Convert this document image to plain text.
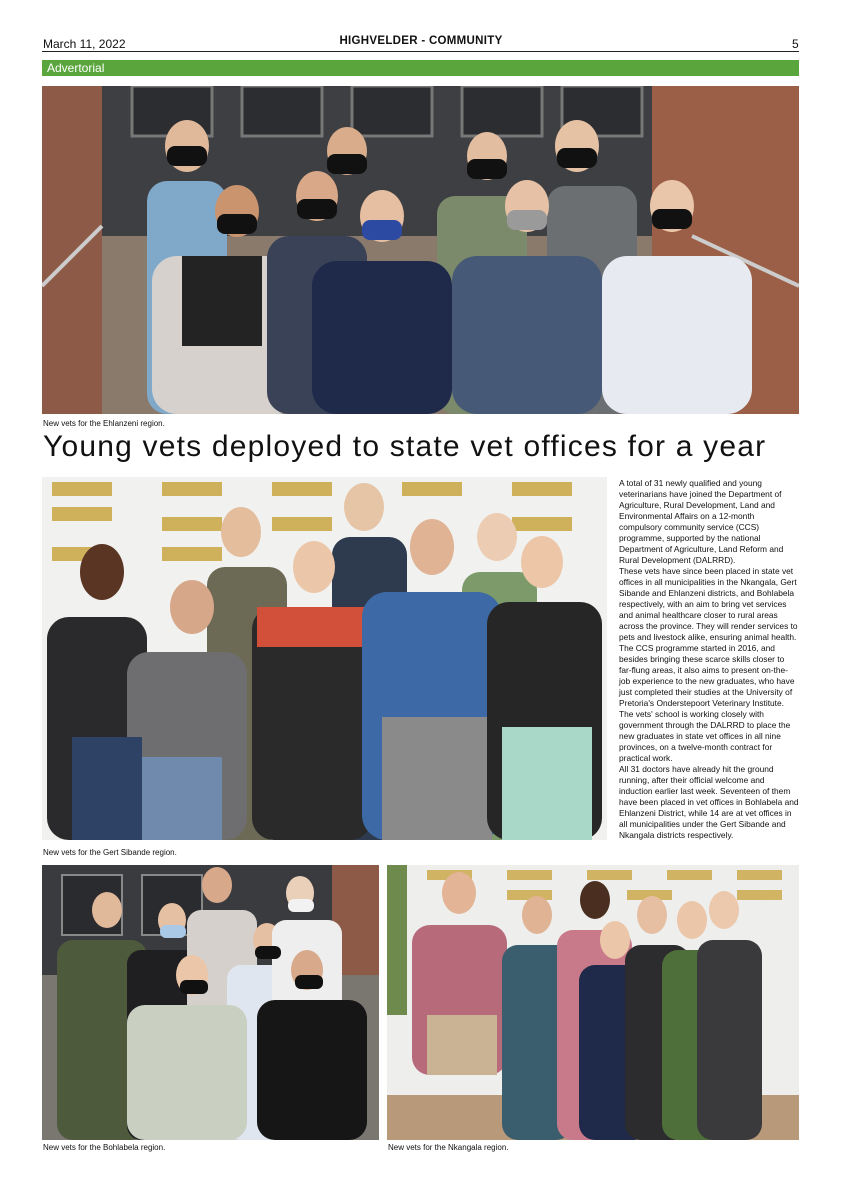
March 11, 2022	HIGHVELDER - COMMUNITY	5
Advertorial
New vets for the Ehlanzeni region.
Young vets deployed to state vet offices for a year
New vets for the Gert Sibande region.

A total of 31 newly qualified and young veterinarians have joined the Department of Agriculture, Rural Development, Land and Environmental Affairs on a 12-month compulsory community service (CCS) programme, supported by the national Department of Agriculture, Land Reform and Rural Development (DALRRD).

These vets have since been placed in state vet offices in all municipalities in the Nkangala, Gert Sibande and Ehlanzeni districts, and Bohlabela respectively, with an aim to bring vet services and animal healthcare closer to rural areas across the province. They will render services to pets and livestock alike, ensuring animal health.

The CCS programme started in 2016, and besides bringing these scarce skills closer to far-flung areas, it also aims to present on-the-job experience to the new graduates, who have just completed their studies at the University of Pretoria's Onderstepoort Veterinary Institute. The vets' school is working closely with government through the DALRRD to place the new graduates in state vet offices in all nine provinces, on a twelve-month contract for practical work.

All 31 doctors have already hit the ground running, after their official welcome and induction earlier last week. Seventeen of them have been placed in vet offices in Bohlabela and Ehlanzeni District, while 14 are at vet offices in all municipalities under the Gert Sibande and Nkangala districts respectively.

New vets for the Bohlabela region.	New vets for the Nkangala region.
